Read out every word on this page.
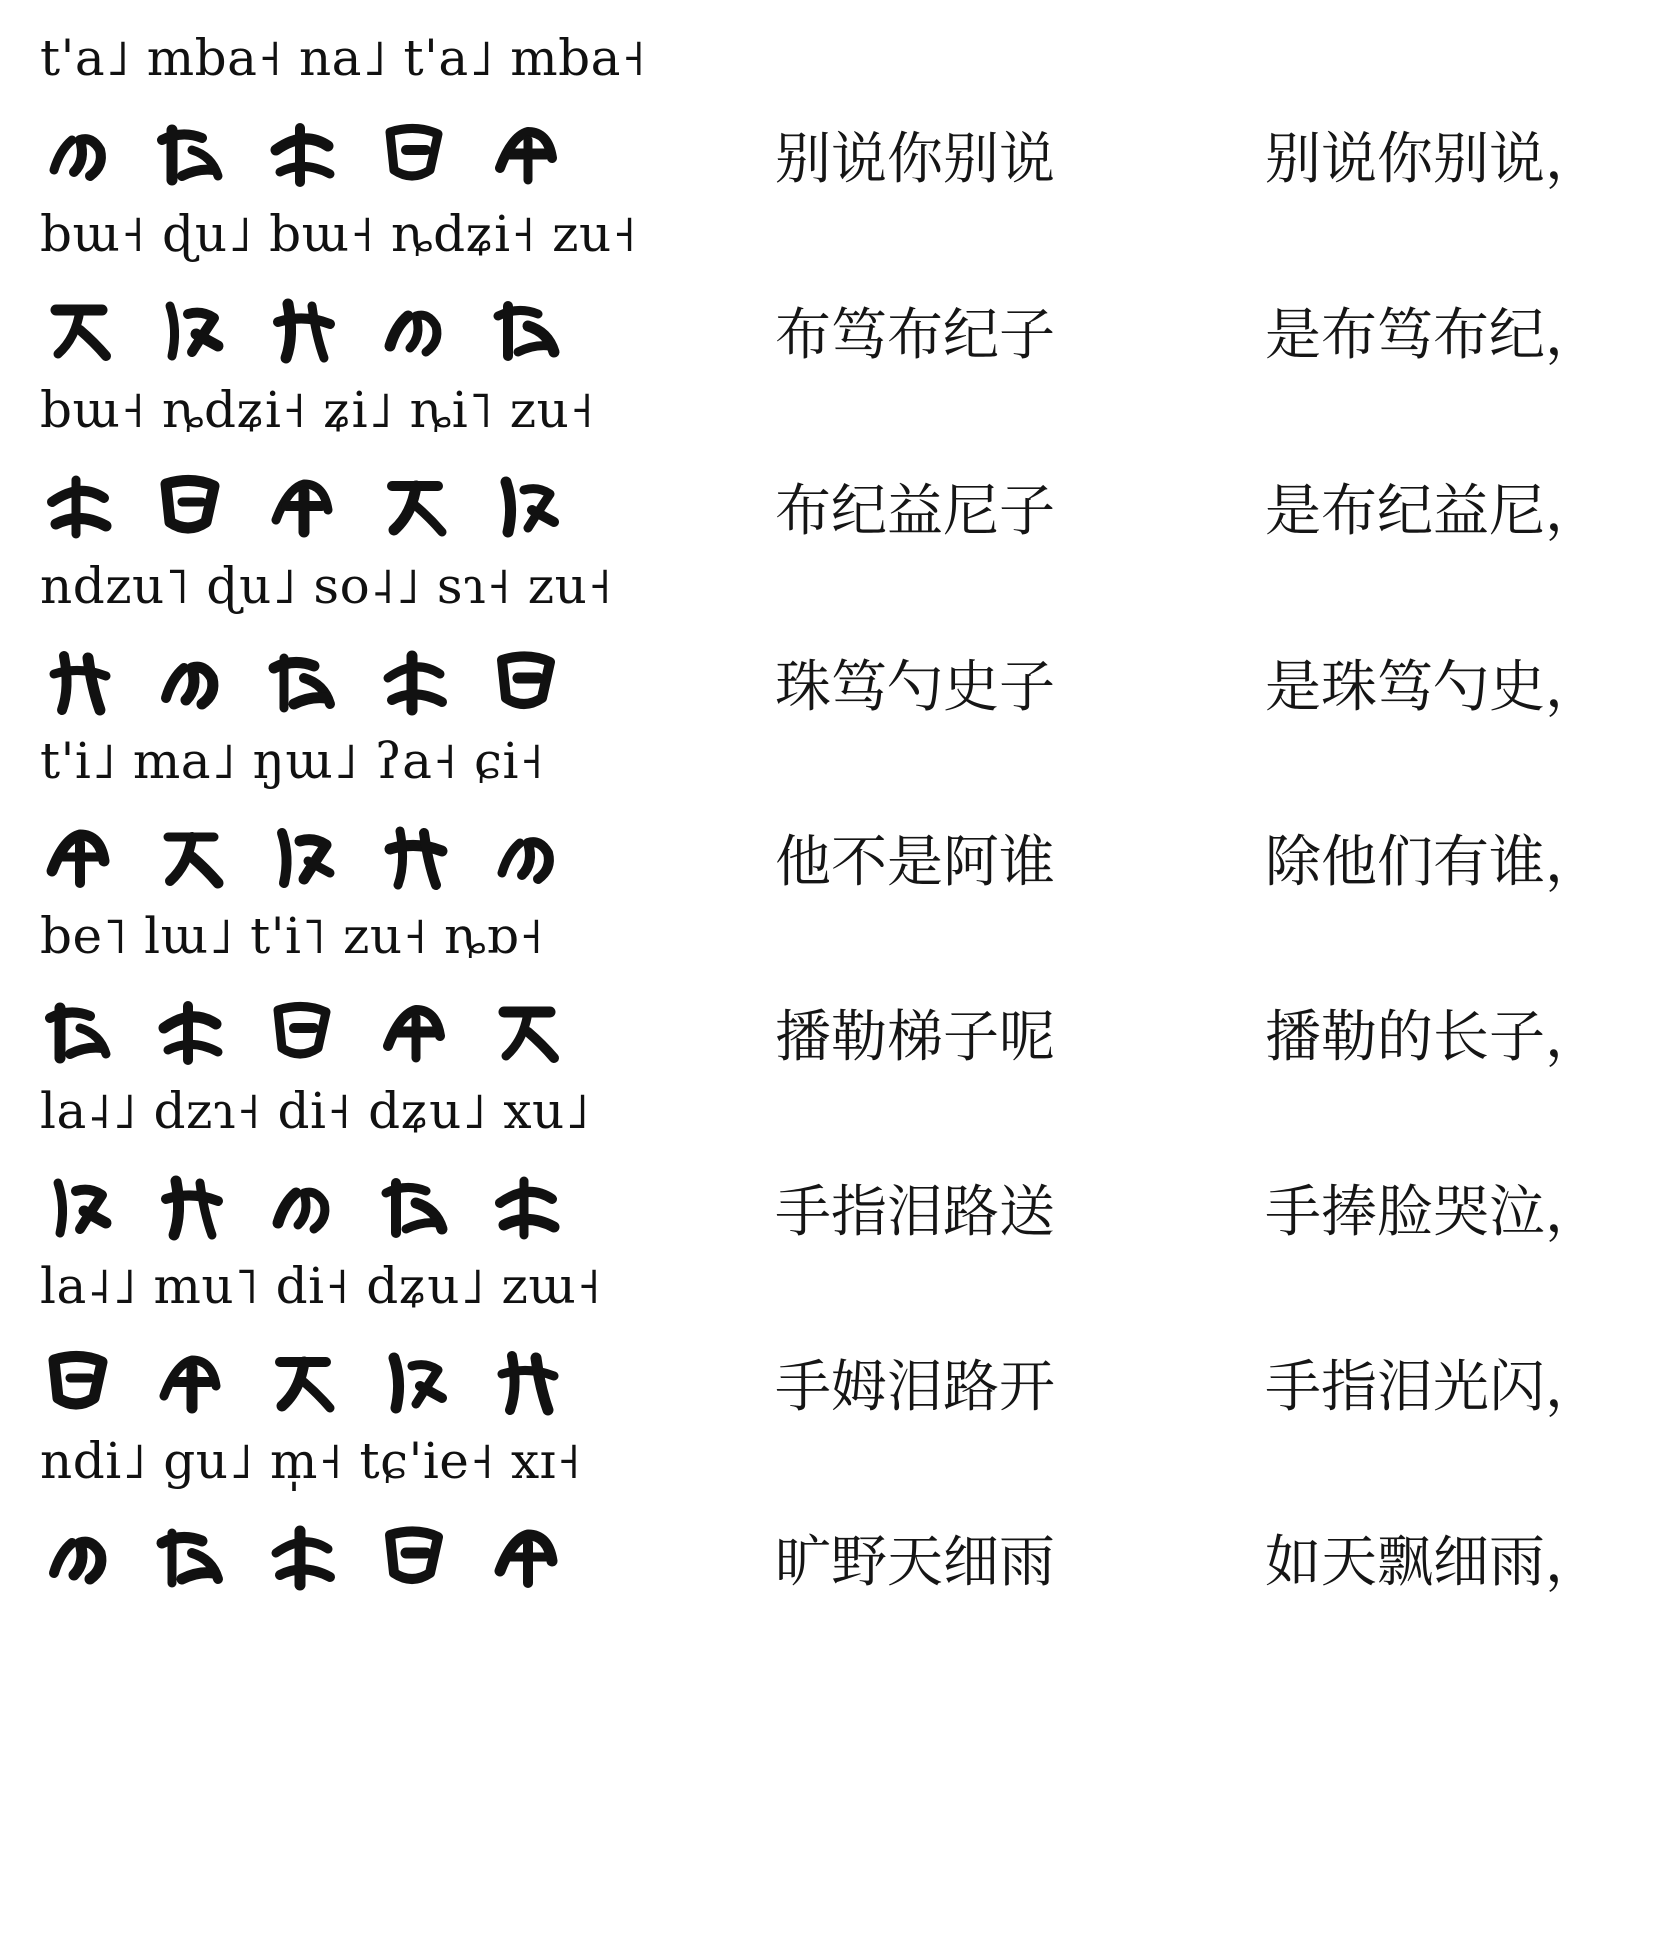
t'a˩ mba˧ na˩ t'a˩ mba˧
别说你别说	别说你别说，
bɯ˧ ɖu˩ bɯ˧ ȵdʑi˧ zu˧
布笃布纪子	是布笃布纪，
bɯ˧ ȵdʑi˧ ʑi˩ ȵi˥ zu˧
布纪益尼子	是布纪益尼，
ndzu˥ ɖu˩ so˨˩ sɿ˧ zu˧
珠笃勺史子	是珠笃勺史，
t'i˩ ma˩ ŋɯ˩ ʔa˧ ɕi˧
他不是阿谁	除他们有谁，
be˥ lɯ˩ t'i˥ zu˧ ȵɒ˧
播勒梯子呢	播勒的长子，
la˨˩ dzɿ˧ di˧ dʑu˩ xu˩
手指泪路送	手捧脸哭泣，
la˨˩ mu˥ di˧ dʑu˩ zɯ˧
手姆泪路开	手指泪光闪，
ndi˩ gu˩ m̩˧ tɕ'ie˧ xɪ˧
旷野天细雨	如天飘细雨，
